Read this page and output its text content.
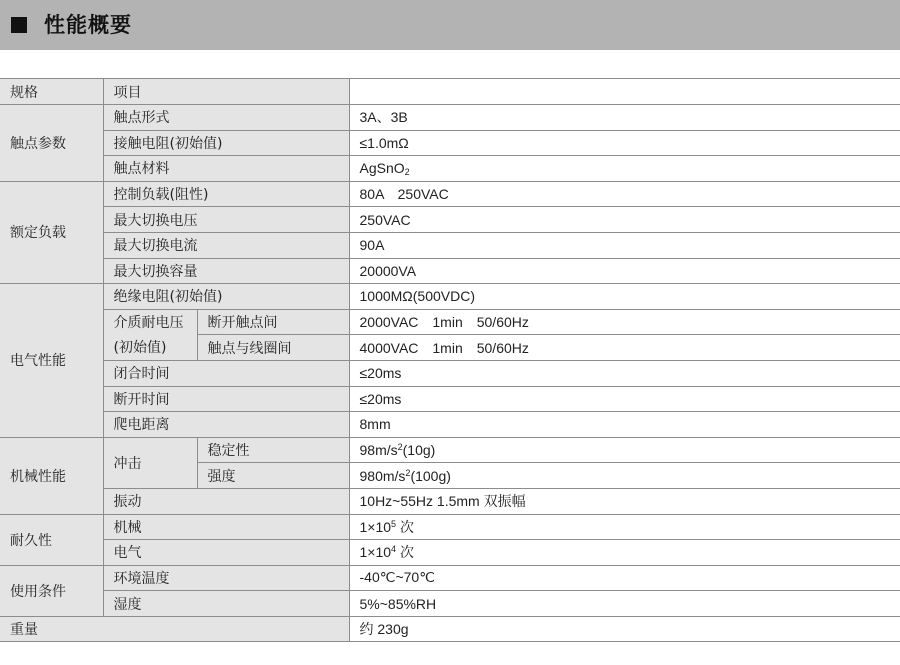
性能概要
规格	项目		
触点参数	触点形式		3A、3B
	接触电阻(初始值)		≤1.0mΩ
	触点材料		AgSnO$_2$
额定负载	控制负载(阻性)		80A　250VAC
	最大切换电压		250VAC
	最大切换电流		90A
	最大切换容量		20000VA
电气性能	绝缘电阻(初始值)		1000MΩ(500VDC)
	介质耐电压	断开触点间	2000VAC　1min　50/60Hz
	(初始值)	触点与线圈间	4000VAC　1min　50/60Hz
	闭合时间		≤20ms
	断开时间		≤20ms
	爬电距离		8mm
机械性能	冲击	稳定性	$98m/s^2(10g)$
		强度	$980m/s^2(100g)$
	振动		10Hz~55Hz 1.5mm 双振幅
耐久性	机械		$1\times 10^5$ 次
	电气		$1\times 10^4$ 次
使用条件	环境温度		-40℃~70℃
	湿度		5%~85%RH
重量			约 230g
